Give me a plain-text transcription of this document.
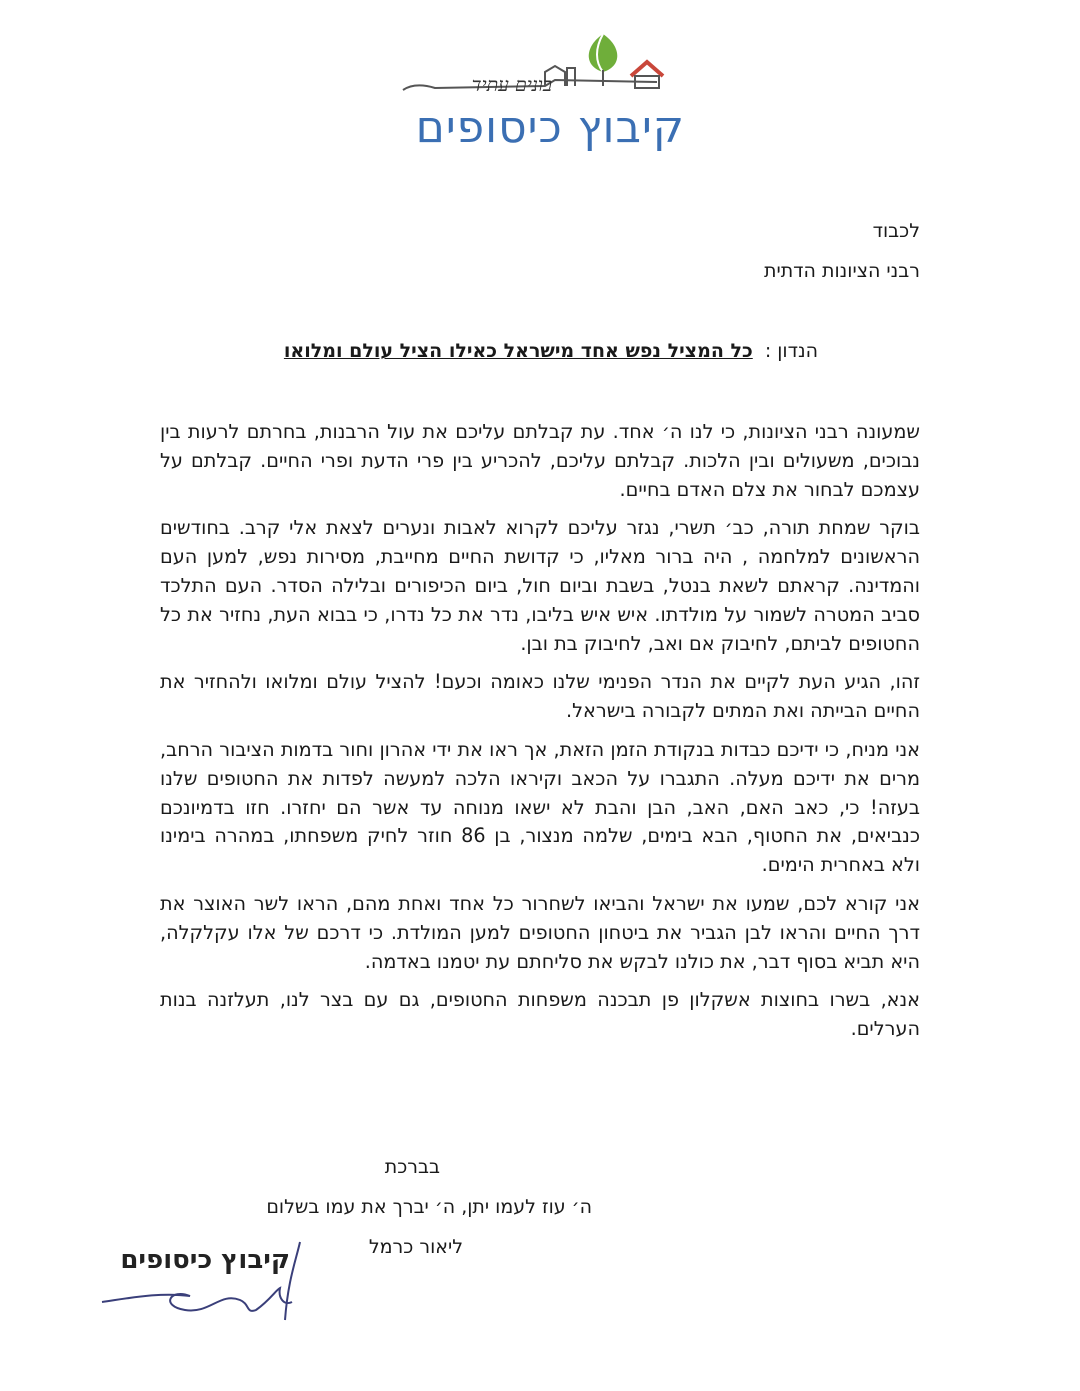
בונים עתיד
קיבוץ כיסופים
לכבוד
רבני הציונות הדתית
הנדון : כל המציל נפש אחד מישראל כאילו הציל עולם ומלואו

שמעונה רבני הציונות, כי לנו ה׳ אחד. עת קבלתם עליכם את עול הרבנות, בחרתם לרעות בין נבוכים, משעולים ובין הלכות. קבלתם עליכם, להכריע בין פרי הדעת ופרי החיים. קבלתם על עצמכם לבחור את צלם האדם בחיים.

בוקר שמחת תורה, כב׳ תשרי, נגזר עליכם לקרוא לאבות ונערים לצאת אלי קרב. בחודשים הראשונים למלחמה , היה ברור מאליו, כי קדושת החיים מחייבת, מסירות נפש, למען העם והמדינה. קראתם לשאת בנטל, בשבת וביום חול, ביום הכיפורים ובלילה הסדר. העם התלכד סביב המטרה לשמור על מולדתו. איש איש בליבו, נדר את כל נדרו, כי בבוא העת, נחזיר את כל החטופים לביתם, לחיבוק אם ואב, לחיבוק בת ובן.

זהו, הגיע העת לקיים את הנדר הפנימי שלנו כאומה וכעם! להציל עולם ומלואו ולהחזיר את החיים הבייתה ואת המתים לקבורה בישראל.

אני מניח, כי ידיכם כבדות בנקודת הזמן הזאת, אך ראו את ידי אהרון וחור בדמות הציבור הרחב, מרים את ידיכם מעלה. התגברו על הכאב וקיראו הלכה למעשה לפדות את החטופים שלנו בעזה! כי, כאב האם, האב, הבן והבת לא ישאו מנוחה עד אשר הם יחזרו. חזו בדמיונכם כנביאים, את החטוף, הבא בימים, שלמה מנצור, בן 86 חוזר לחיק משפחתו, במהרה בימינו ולא באחרית הימים.

אני קורא לכם, שמעו את ישראל והביאו לשחרור כל אחד ואחת מהם, הראו לשר האוצר את דרך החיים והראו לבן הגביר את ביטחון החטופים למען המולדת. כי דרכם של אלו עקלקלה, היא תביא בסוף דבר, את כולנו לבקש את סליחתם עת יטמנו באדמה.

אנא, בשרו בחוצות אשקלון פן תבכנה משפחות החטופים, גם עם בצר לנו, תעלזנה בנות הערלים.

בברכת
ה׳ עוז לעמו יתן, ה׳ יברך את עמו בשלום
ליאור כרמל
קיבוץ כיסופים
